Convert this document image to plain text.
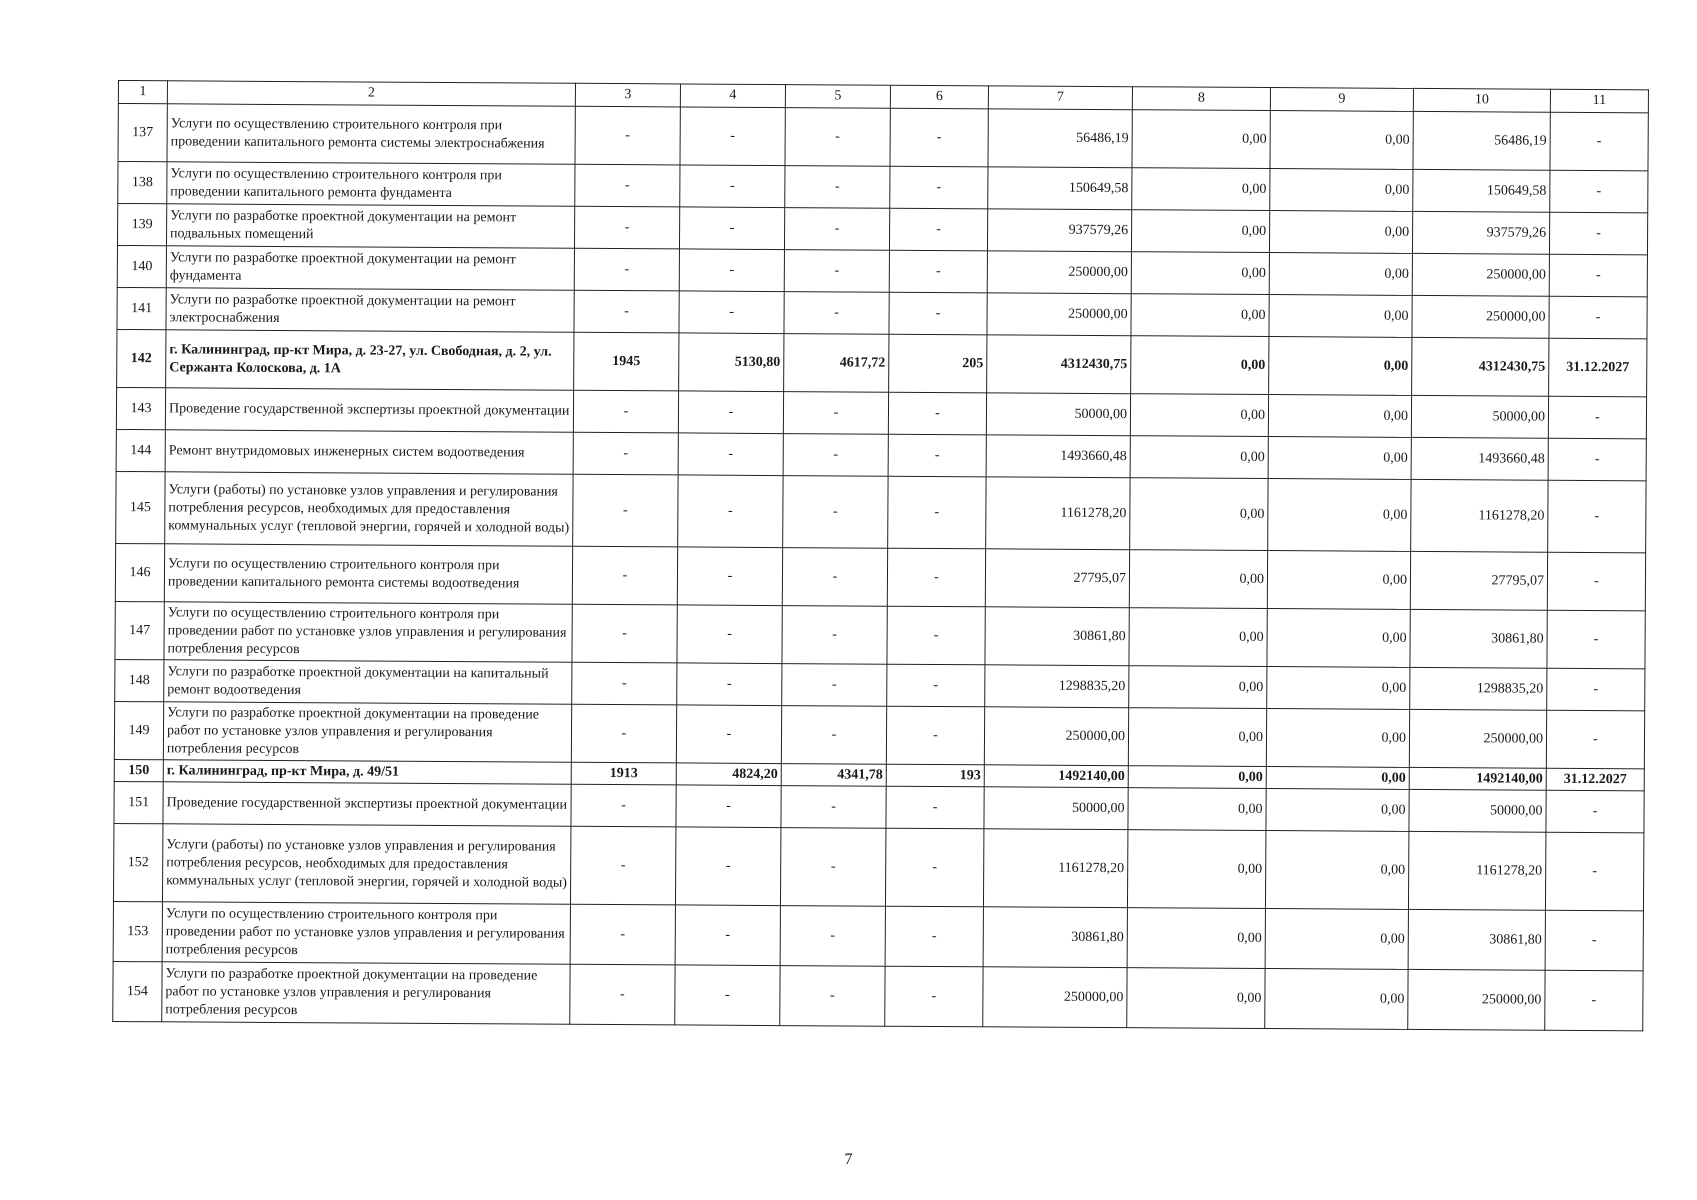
1	2	3	4	5	6	7	8	9	10	11
137	Услуги по осуществлению строительного контроля при проведении капитального ремонта системы электроснабжения	-	-	-	-	56486,19	0,00	0,00	56486,19	-
138	Услуги по осуществлению строительного контроля при проведении капитального ремонта фундамента	-	-	-	-	150649,58	0,00	0,00	150649,58	-
139	Услуги по разработке проектной документации на ремонт подвальных помещений	-	-	-	-	937579,26	0,00	0,00	937579,26	-
140	Услуги по разработке проектной документации на ремонт фундамента	-	-	-	-	250000,00	0,00	0,00	250000,00	-
141	Услуги по разработке проектной документации на ремонт электроснабжения	-	-	-	-	250000,00	0,00	0,00	250000,00	-
142	г. Калининград, пр-кт Мира, д. 23-27, ул. Свободная, д. 2, ул. Сержанта Колоскова, д. 1А	1945	5130,80	4617,72	205	4312430,75	0,00	0,00	4312430,75	31.12.2027
143	Проведение государственной экспертизы проектной документации	-	-	-	-	50000,00	0,00	0,00	50000,00	-
144	Ремонт внутридомовых инженерных систем водоотведения	-	-	-	-	1493660,48	0,00	0,00	1493660,48	-
145	Услуги (работы) по установке узлов управления и регулирования потребления ресурсов, необходимых для предоставления коммунальных услуг (тепловой энергии, горячей и холодной воды)	-	-	-	-	1161278,20	0,00	0,00	1161278,20	-
146	Услуги по осуществлению строительного контроля при проведении капитального ремонта системы водоотведения	-	-	-	-	27795,07	0,00	0,00	27795,07	-
147	Услуги по осуществлению строительного контроля при проведении работ по установке узлов управления и регулирования потребления ресурсов	-	-	-	-	30861,80	0,00	0,00	30861,80	-
148	Услуги по разработке проектной документации на капитальный ремонт водоотведения	-	-	-	-	1298835,20	0,00	0,00	1298835,20	-
149	Услуги по разработке проектной документации на проведение работ по установке узлов управления и регулирования потребления ресурсов	-	-	-	-	250000,00	0,00	0,00	250000,00	-
150	г. Калининград, пр-кт Мира, д. 49/51	1913	4824,20	4341,78	193	1492140,00	0,00	0,00	1492140,00	31.12.2027
151	Проведение государственной экспертизы проектной документации	-	-	-	-	50000,00	0,00	0,00	50000,00	-
152	Услуги (работы) по установке узлов управления и регулирования потребления ресурсов, необходимых для предоставления коммунальных услуг (тепловой энергии, горячей и холодной воды)	-	-	-	-	1161278,20	0,00	0,00	1161278,20	-
153	Услуги по осуществлению строительного контроля при проведении работ по установке узлов управления и регулирования потребления ресурсов	-	-	-	-	30861,80	0,00	0,00	30861,80	-
154	Услуги по разработке проектной документации на проведение работ по установке узлов управления и регулирования потребления ресурсов	-	-	-	-	250000,00	0,00	0,00	250000,00	-
7
